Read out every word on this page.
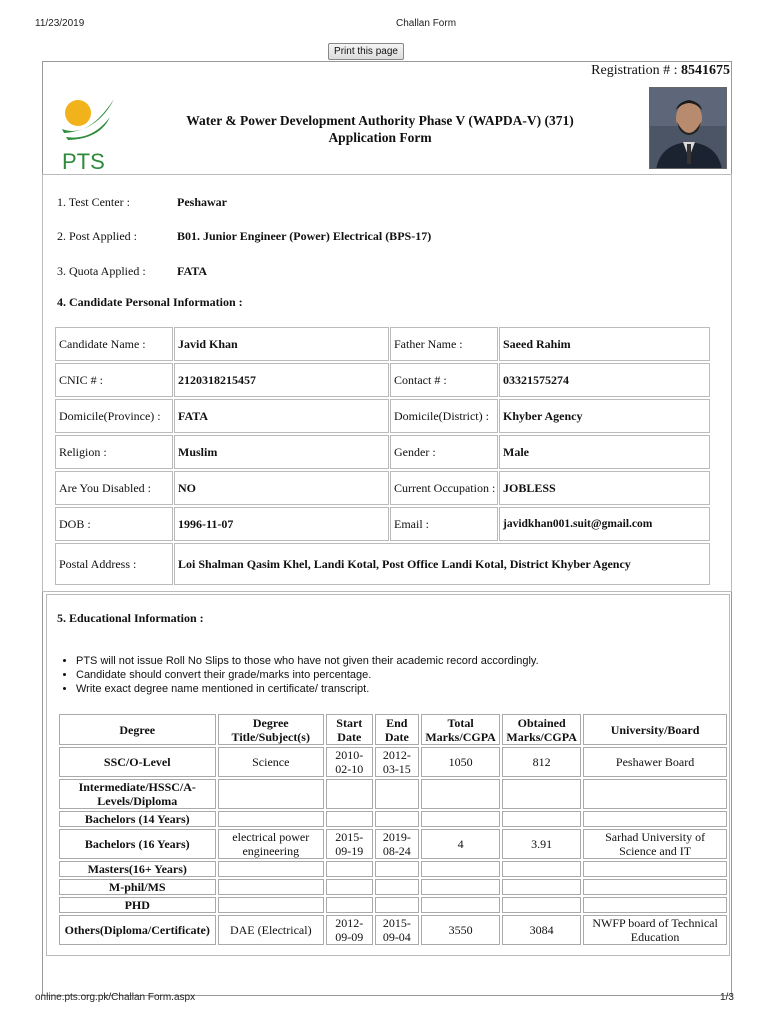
11/23/2019	Challan Form
Print this page
Registration # : 8541675
PTS
Water & Power Development Authority Phase V (WAPDA-V) (371)
Application Form
1. Test Center :	Peshawar
2. Post Applied :	B01. Junior Engineer (Power) Electrical (BPS-17)
3. Quota Applied :	FATA
4. Candidate Personal Information :
Candidate Name :	Javid Khan	Father Name :	Saeed Rahim
CNIC # :	2120318215457	Contact # :	03321575274
Domicile(Province) :	FATA	Domicile(District) :	Khyber Agency
Religion :	Muslim	Gender :	Male
Are You Disabled :	NO	Current Occupation : JOBLESS
DOB :	1996-11-07	Email :	javidkhan001.suit@gmail.com
Postal Address :	Loi Shalman Qasim Khel, Landi Kotal, Post Office Landi Kotal, District Khyber Agency
5. Educational Information :
• PTS will not issue Roll No Slips to those who have not given their academic record accordingly.
• Candidate should convert their grade/marks into percentage.
• Write exact degree name mentioned in certificate/ transcript.
Degree	Degree Title/Subject(s)	Start Date	End Date	Total Marks/CGPA	Obtained Marks/CGPA	University/Board
SSC/O-Level	Science	2010-02-10	2012-03-15	1050	812	Peshawer Board
Intermediate/HSSC/A-Levels/Diploma						
Bachelors (14 Years)						
Bachelors (16 Years)	electrical power engineering	2015-09-19	2019-08-24	4	3.91	Sarhad University of Science and IT
Masters(16+ Years)						
M-phil/MS						
PHD						
Others(Diploma/Certificate)	DAE (Electrical)	2012-09-09	2015-09-04	3550	3084	NWFP board of Technical Education
online.pts.org.pk/Challan Form.aspx	1/3
